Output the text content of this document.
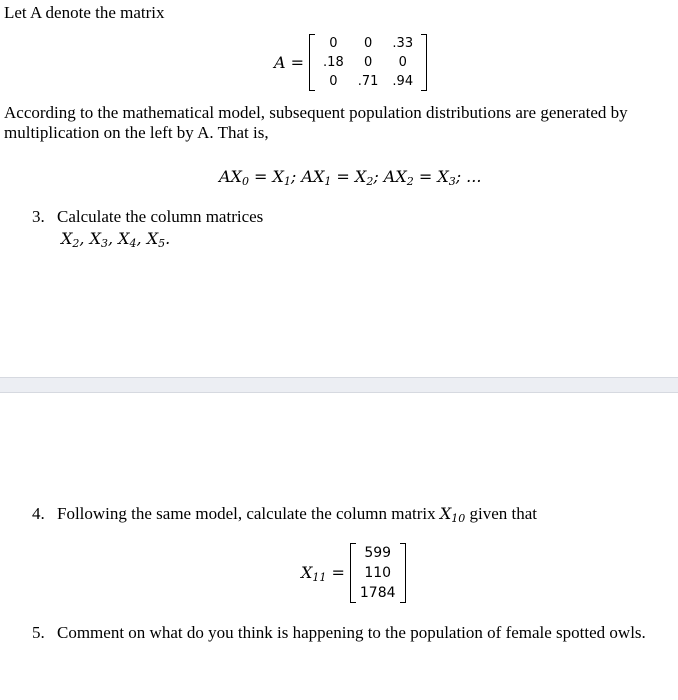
Let A denote the matrix
A =
0	0	.33
.18	0	0
0	.71	.94
According to the mathematical model, subsequent population distributions are generated by
multiplication on the left by A. That is,
$AX_0 = X_1$; $AX_1 = X_2$; $AX_2 = X_3$; ...
3. Calculate the column matrices
$X_2$, $X_3$, $X_4$, $X_5$.
4. Following the same model, calculate the column matrix $X_{10}$ given that
$X_{11}$ =
599
110
1784
5. Comment on what do you think is happening to the population of female spotted owls.
